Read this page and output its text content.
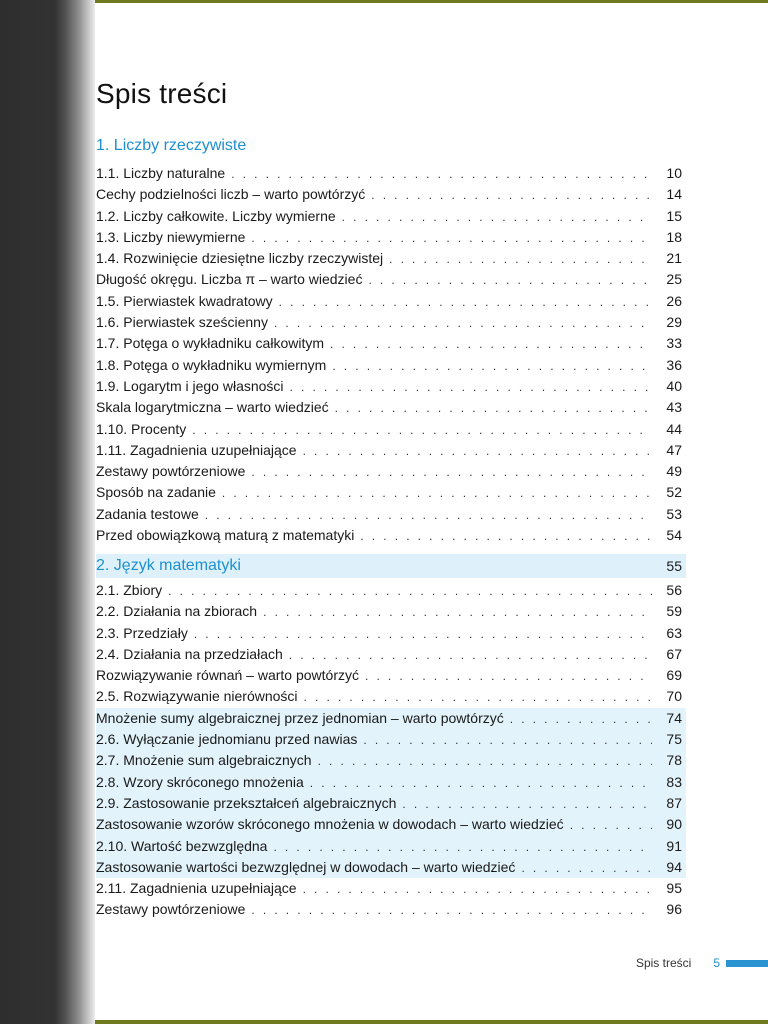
Spis treści
1. Liczby rzeczywiste
1.1. Liczby naturalne . . .	10
Cechy podzielności liczb – warto powtórzyć . . .	14
1.2. Liczby całkowite. Liczby wymierne . . .	15
1.3. Liczby niewymierne . . .	18
1.4. Rozwinięcie dziesiętne liczby rzeczywistej . . .	21
Długość okręgu. Liczba π – warto wiedzieć . . .	25
1.5. Pierwiastek kwadratowy . . .	26
1.6. Pierwiastek sześcienny . . .	29
1.7. Potęga o wykładniku całkowitym . . .	33
1.8. Potęga o wykładniku wymiernym . . .	36
1.9. Logarytm i jego własności . . .	40
Skala logarytmiczna – warto wiedzieć . . .	43
1.10. Procenty . . .	44
1.11. Zagadnienia uzupełniające . . .	47
Zestawy powtórzeniowe . . .	49
Sposób na zadanie . . .	52
Zadania testowe . . .	53
Przed obowiązkową maturą z matematyki . . .	54
2. Język matematyki	55
2.1. Zbiory . . .	56
2.2. Działania na zbiorach . . .	59
2.3. Przedziały . . .	63
2.4. Działania na przedziałach . . .	67
Rozwiązywanie równań – warto powtórzyć . . .	69
2.5. Rozwiązywanie nierówności . . .	70
Mnożenie sumy algebraicznej przez jednomian – warto powtórzyć . . .	74
2.6. Wyłączanie jednomianu przed nawias . . .	75
2.7. Mnożenie sum algebraicznych . . .	78
2.8. Wzory skróconego mnożenia . . .	83
2.9. Zastosowanie przekształceń algebraicznych . . .	87
Zastosowanie wzorów skróconego mnożenia w dowodach – warto wiedzieć . . .	90
2.10. Wartość bezwzględna . . .	91
Zastosowanie wartości bezwzględnej w dowodach – warto wiedzieć . . .	94
2.11. Zagadnienia uzupełniające . . .	95
Zestawy powtórzeniowe . . .	96
Spis treści 5
